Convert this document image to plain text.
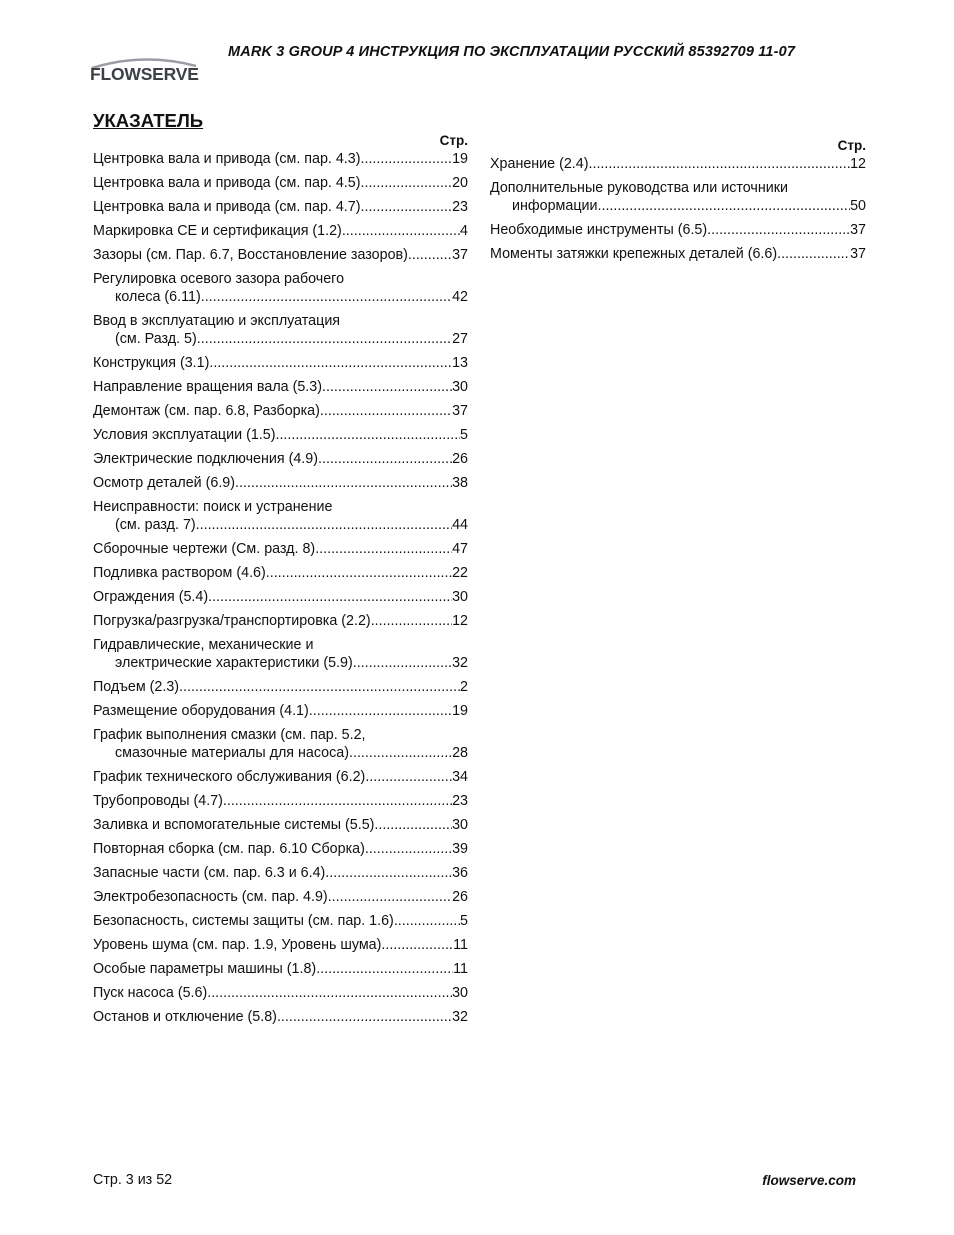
FLOWSERVE
MARK 3 GROUP 4 ИНСТРУКЦИЯ ПО ЭКСПЛУАТАЦИИ РУССКИЙ 85392709 11-07
УКАЗАТЕЛЬ
Стр.
Центровка вала и привода (см. пар. 4.3) .....	19
Центровка вала и привода (см. пар. 4.5) .....	20
Центровка вала и привода (см. пар. 4.7) .....	23
Маркировка CE и сертификация (1.2) .....	4
Зазоры (см. Пар. 6.7, Восстановление зазоров) .....	37
Регулировка осевого зазора рабочего
колеса (6.11) .....	42
Ввод в эксплуатацию и эксплуатация
(см. Разд. 5) .....	27
Конструкция (3.1) .....	13
Направление вращения вала (5.3) .....	30
Демонтаж (см. пар. 6.8, Разборка) .....	37
Условия эксплуатации (1.5) .....	5
Электрические подключения (4.9) .....	26
Осмотр деталей (6.9) .....	38
Неисправности: поиск и устранение
(см. разд. 7) .....	44
Сборочные чертежи (См. разд. 8) .....	47
Подливка раствором (4.6) .....	22
Ограждения (5.4) .....	30
Погрузка/разгрузка/транспортировка (2.2) .....	12
Гидравлические, механические и
электрические характеристики (5.9) .....	32
Подъем (2.3) .....	2
Размещение оборудования (4.1) .....	19
График выполнения смазки (см. пар. 5.2,
смазочные материалы для насоса) .....	28
График технического обслуживания (6.2) .....	34
Трубопроводы (4.7) .....	23
Заливка и вспомогательные системы (5.5) .....	30
Повторная сборка (см. пар. 6.10 Сборка) .....	39
Запасные части (см. пар. 6.3 и 6.4) .....	36
Электробезопасность (см. пар. 4.9) .....	26
Безопасность, системы защиты (см. пар. 1.6) .....	5
Уровень шума (см. пар. 1.9, Уровень шума) .....	11
Особые параметры машины (1.8) .....	11
Пуск насоса (5.6) .....	30
Останов и отключение (5.8) .....	32
Стр.
Хранение (2.4) .....	12
Дополнительные руководства или источники
информации .....	50
Необходимые инструменты (6.5) .....	37
Моменты затяжки крепежных деталей (6.6) .....	37
Стр. 3 из 52	flowserve.com
